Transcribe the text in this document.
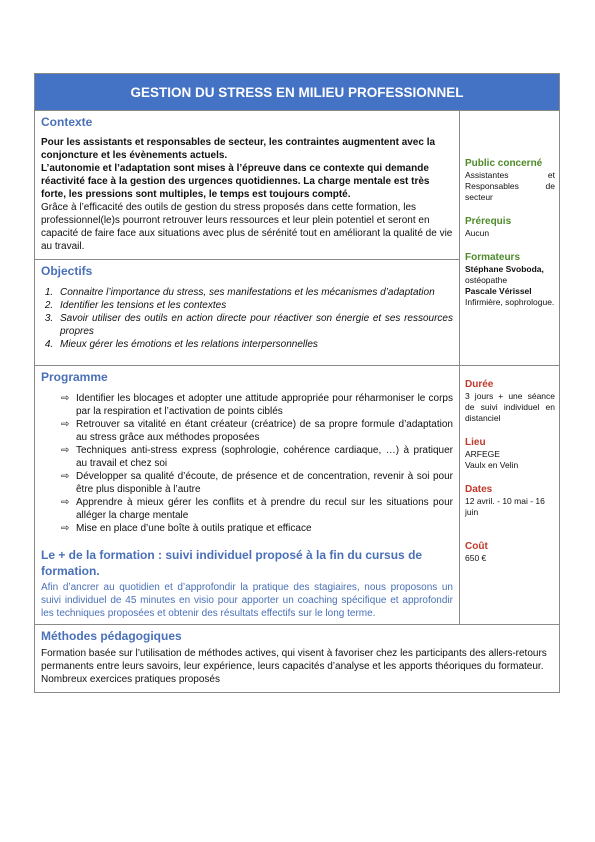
GESTION DU STRESS EN MILIEU PROFESSIONNEL
Contexte

Pour les assistants et responsables de secteur, les contraintes augmentent avec la conjoncture et les évènements actuels.

L’autonomie et l’adaptation sont mises à l’épreuve dans ce contexte qui demande réactivité face à la gestion des urgences quotidiennes. La charge mentale est très forte, les pressions sont multiples, le temps est toujours compté.

Grâce à l’efficacité des outils de gestion du stress proposés dans cette formation, les professionnel(le)s pourront retrouver leurs ressources et leur plein potentiel et seront en capacité de faire face aux situations avec plus de sérénité tout en améliorant la qualité de vie au travail.

Objectifs
1. Connaitre l’importance du stress, ses manifestations et les mécanismes d’adaptation
2. Identifier les tensions et les contextes
3. Savoir utiliser des outils en action directe pour réactiver son énergie et ses ressources propres
4. Mieux gérer les émotions et les relations interpersonnelles
Public concerné

Assistantes et Responsables de secteur

Prérequis

Aucun

Formateurs

Stéphane Svoboda,

ostéopathe

Pascale Vérissel

Infirmière, sophrologue.

Programme
⇨ Identifier les blocages et adopter une attitude appropriée pour réharmoniser le corps par la respiration et l’activation de points ciblés
⇨ Retrouver sa vitalité en étant créateur (créatrice) de sa propre formule d’adaptation au stress grâce aux méthodes proposées
⇨ Techniques anti-stress express (sophrologie, cohérence cardiaque, …) à pratiquer au travail et chez soi
⇨ Développer sa qualité d’écoute, de présence et de concentration, revenir à soi pour être plus disponible à l’autre
⇨ Apprendre à mieux gérer les conflits et à prendre du recul sur les situations pour alléger la charge mentale
⇨ Mise en place d’une boîte à outils pratique et efficace
Le + de la formation : suivi individuel proposé à la fin du cursus de formation.

Afin d’ancrer au quotidien et d’approfondir la pratique des stagiaires, nous proposons un suivi individuel de 45 minutes en visio pour apporter un coaching spécifique et approfondir les techniques proposées et obtenir des résultats effectifs sur le long terme.

Durée

3 jours + une séance de suivi individuel en distanciel

Lieu

ARFEGE

Vaulx en Velin

Dates

12 avril. - 10 mai - 16 juin

Coût

650 €

Méthodes pédagogiques

Formation basée sur l’utilisation de méthodes actives, qui visent à favoriser chez les participants des allers-retours permanents entre leurs savoirs, leur expérience, leurs capacités d’analyse et les apports théoriques du formateur. Nombreux exercices pratiques proposés
